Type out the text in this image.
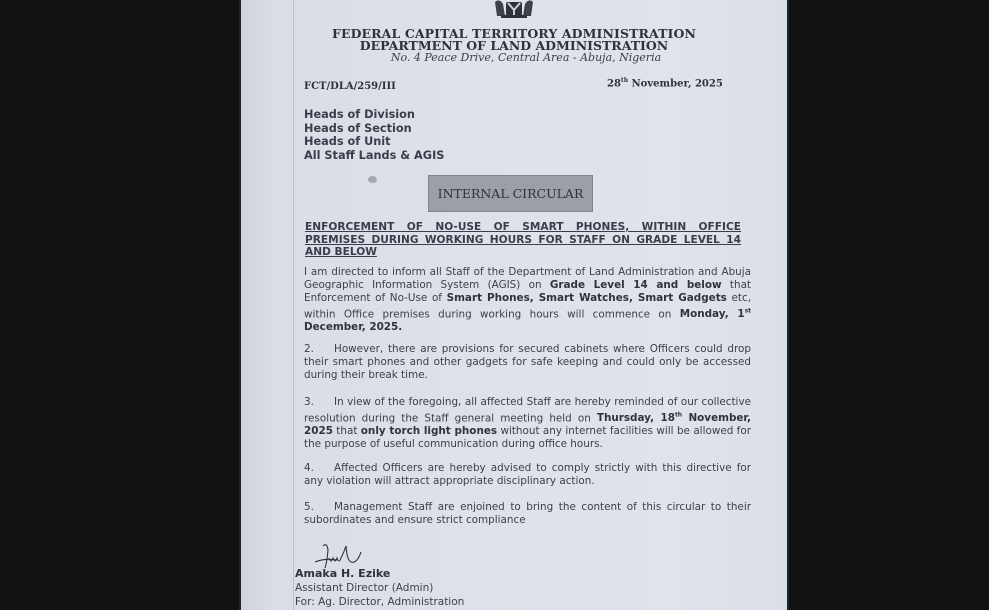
FEDERAL CAPITAL TERRITORY ADMINISTRATION
DEPARTMENT OF LAND ADMINISTRATION
No. 4 Peace Drive, Central Area - Abuja, Nigeria
FCT/DLA/259/III	28th November, 2025
Heads of Division
Heads of Section
Heads of Unit
All Staff Lands & AGIS
INTERNAL CIRCULAR
ENFORCEMENT OF NO-USE OF SMART PHONES, WITHIN OFFICE PREMISES DURING WORKING HOURS FOR STAFF ON GRADE LEVEL 14 AND BELOW
I am directed to inform all Staff of the Department of Land Administration and Abuja Geographic Information System (AGIS) on Grade Level 14 and below that Enforcement of No-Use of Smart Phones, Smart Watches, Smart Gadgets etc, within Office premises during working hours will commence on Monday, 1st December, 2025.
2. However, there are provisions for secured cabinets where Officers could drop their smart phones and other gadgets for safe keeping and could only be accessed during their break time.
3. In view of the foregoing, all affected Staff are hereby reminded of our collective resolution during the Staff general meeting held on Thursday, 18th November, 2025 that only torch light phones without any internet facilities will be allowed for the purpose of useful communication during office hours.
4. Affected Officers are hereby advised to comply strictly with this directive for any violation will attract appropriate disciplinary action.
5. Management Staff are enjoined to bring the content of this circular to their subordinates and ensure strict compliance
Amaka H. Ezike
Assistant Director (Admin)
For: Ag. Director, Administration
